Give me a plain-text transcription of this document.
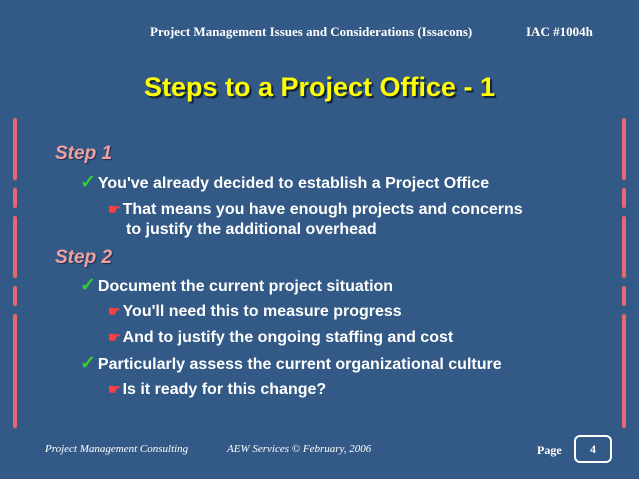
Project Management Issues and Considerations (Issacons)	IAC #1004h
Steps to a Project Office - 1
Step 1
✓ You've already decided to establish a Project Office
☛ That means you have enough projects and concerns
to justify the additional overhead
Step 2
✓ Document the current project situation
☛ You'll need this to measure progress
☛ And to justify the ongoing staffing and cost
✓ Particularly assess the current organizational culture
☛ Is it ready for this change?
Project Management Consulting	AEW Services © February, 2006	Page	4
